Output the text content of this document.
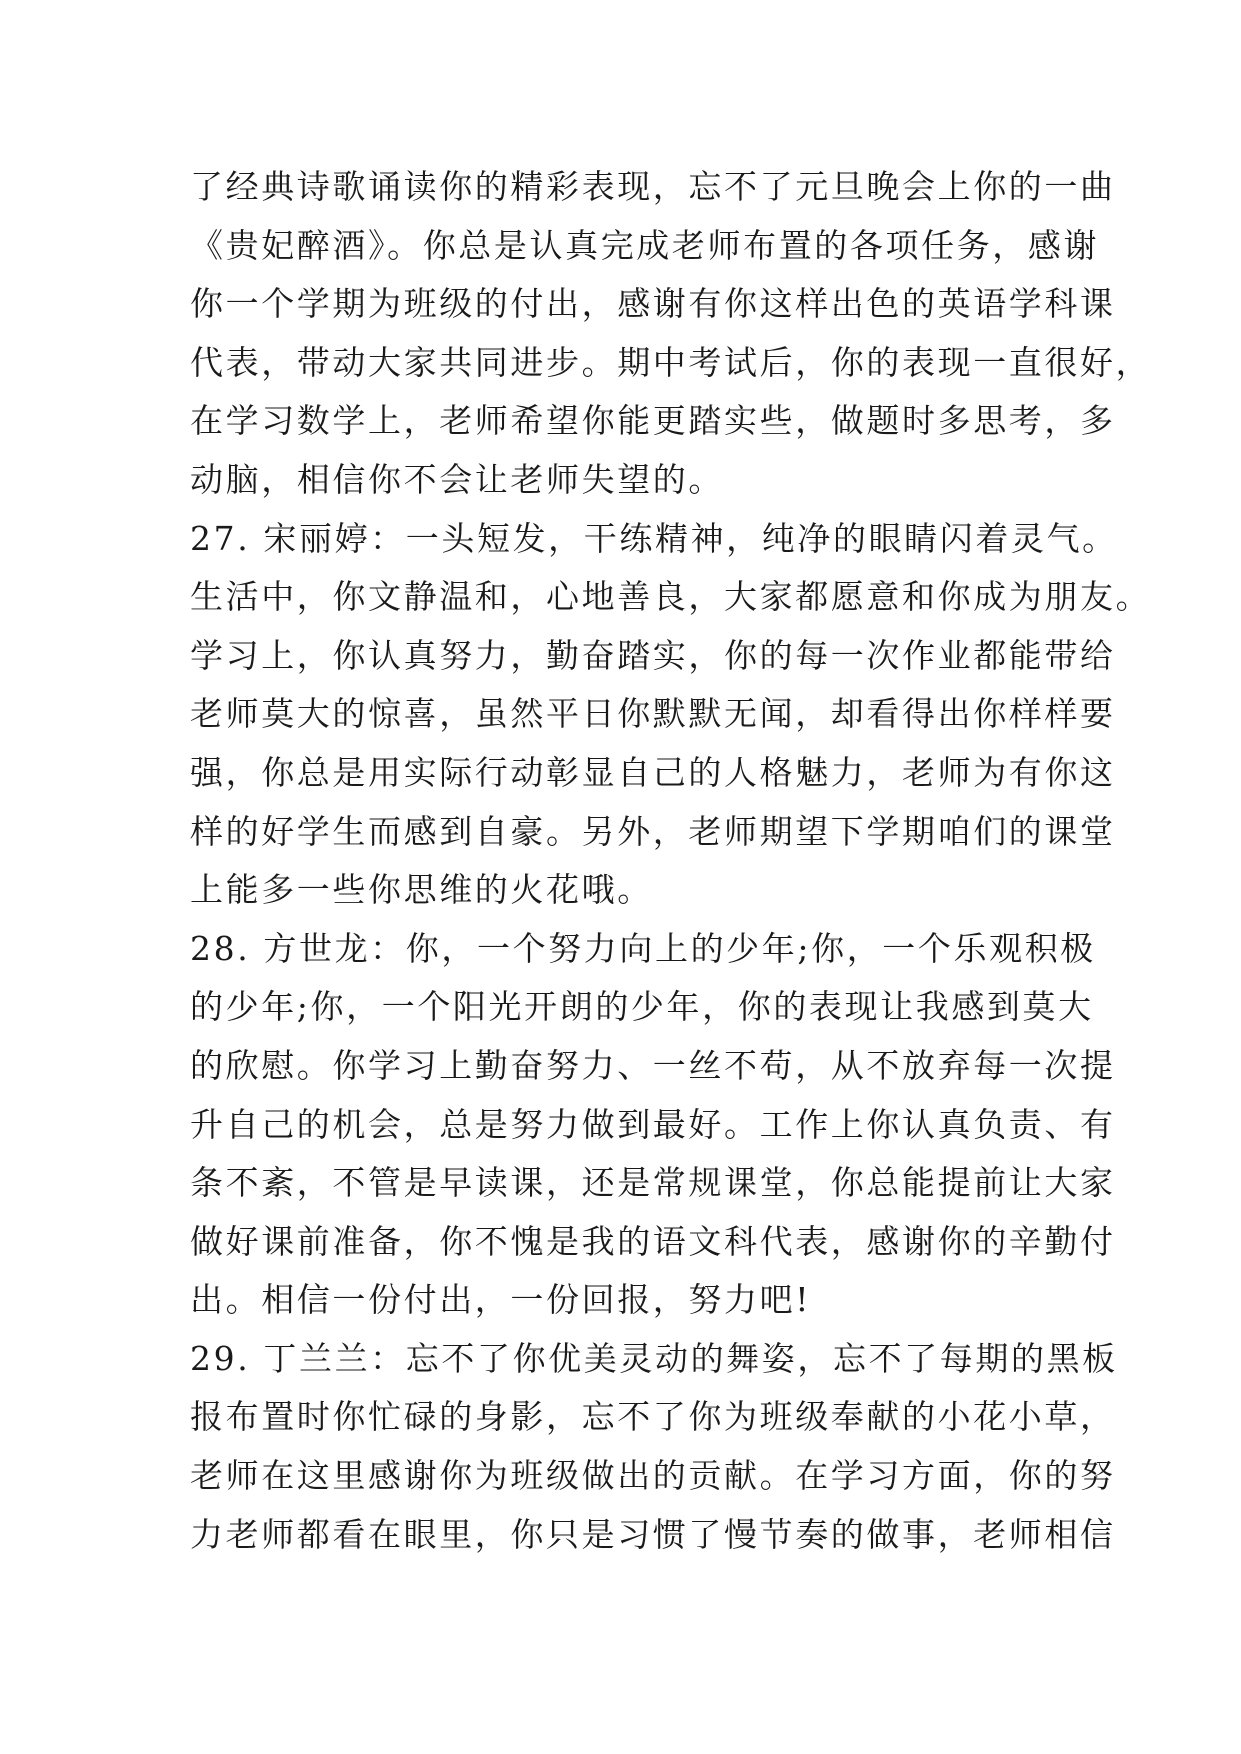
了经典诗歌诵读你的精彩表现，忘不了元旦晚会上你的一曲
《贵妃醉酒》。你总是认真完成老师布置的各项任务，感谢
你一个学期为班级的付出，感谢有你这样出色的英语学科课
代表，带动大家共同进步。期中考试后，你的表现一直很好，
在学习数学上，老师希望你能更踏实些，做题时多思考，多
动脑，相信你不会让老师失望的。
27. 宋丽婷：一头短发，干练精神，纯净的眼睛闪着灵气。
生活中，你文静温和，心地善良，大家都愿意和你成为朋友。
学习上，你认真努力，勤奋踏实，你的每一次作业都能带给
老师莫大的惊喜，虽然平日你默默无闻，却看得出你样样要
强，你总是用实际行动彰显自己的人格魅力，老师为有你这
样的好学生而感到自豪。另外，老师期望下学期咱们的课堂
上能多一些你思维的火花哦。
28. 方世龙：你，一个努力向上的少年;你，一个乐观积极
的少年;你，一个阳光开朗的少年，你的表现让我感到莫大
的欣慰。你学习上勤奋努力、一丝不苟，从不放弃每一次提
升自己的机会，总是努力做到最好。工作上你认真负责、有
条不紊，不管是早读课，还是常规课堂，你总能提前让大家
做好课前准备，你不愧是我的语文科代表，感谢你的辛勤付
出。相信一份付出，一份回报，努力吧!
29. 丁兰兰：忘不了你优美灵动的舞姿，忘不了每期的黑板
报布置时你忙碌的身影，忘不了你为班级奉献的小花小草，
老师在这里感谢你为班级做出的贡献。在学习方面，你的努
力老师都看在眼里，你只是习惯了慢节奏的做事，老师相信
